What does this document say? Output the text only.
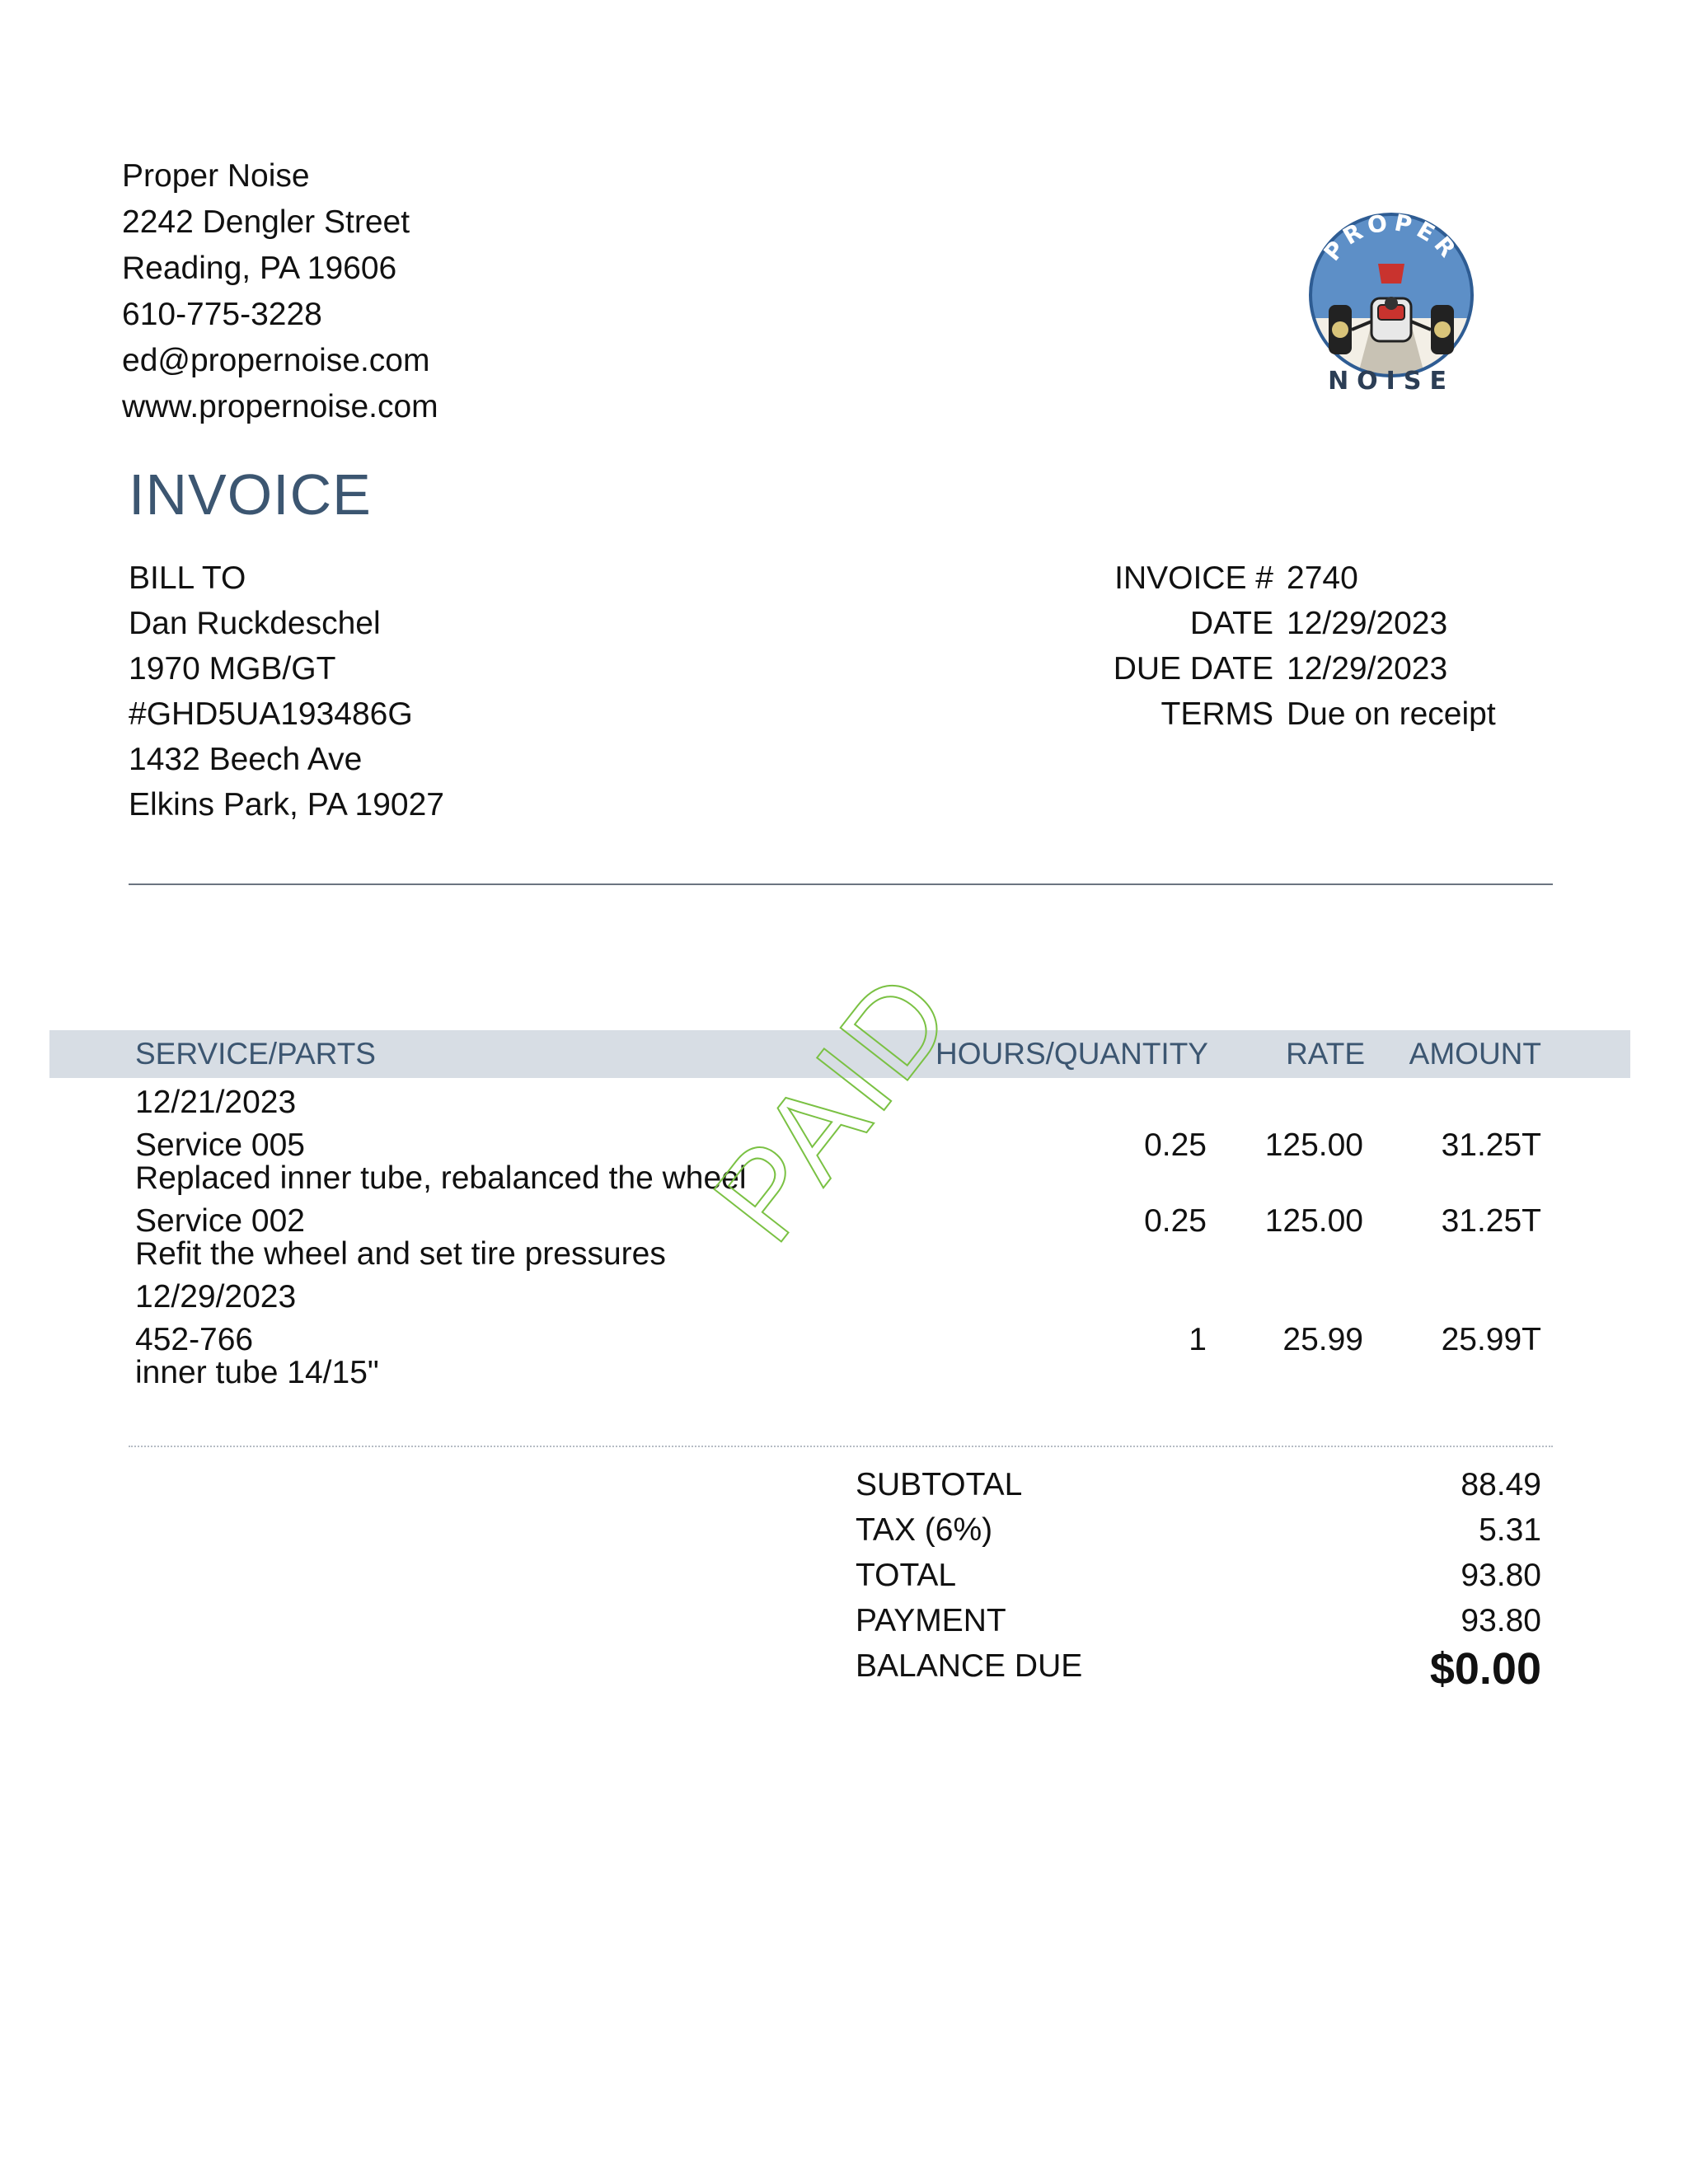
Proper Noise
2242 Dengler Street
Reading, PA 19606
610-775-3228
ed@propernoise.com
www.propernoise.com
PROPER
NOISE
INVOICE
BILL TO
Dan Ruckdeschel
1970 MGB/GT
#GHD5UA193486G
1432 Beech Ave
Elkins Park, PA 19027
INVOICE # 2740
DATE 12/29/2023
DUE DATE 12/29/2023
TERMS Due on receipt
SERVICE/PARTS	HOURS/QUANTITY	RATE AMOUNT
12/21/2023
Service 005
Replaced inner tube, rebalanced the wheel
0.25 125.00 31.25T
Service 002
Refit the wheel and set tire pressures
0.25 125.00 31.25T
12/29/2023
452-766
inner tube 14/15"
1 25.99 25.99T
SUBTOTAL	88.49
TAX (6%)	5.31
TOTAL	93.80
PAYMENT	93.80
BALANCE DUE	$0.00
PAID
